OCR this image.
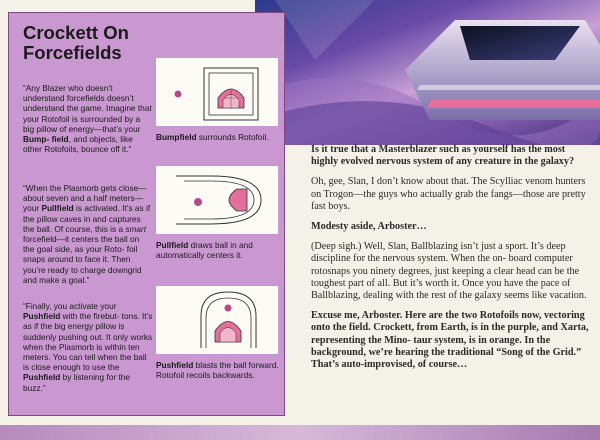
Crockett On Forcefields
“Any Blazer who doesn’t understand forcefields doesn’t understand the game. Imagine that your Rotofoil is surrounded by a big pillow of energy—that’s your Bump- field, and objects, like other Rotofoils, bounce off it.”
“When the Plasmorb gets close—about seven and a half meters—your Pullfield is activated. It’s as if the pillow caves in and captures the ball. Of course, this is a smart forcefield—it centers the ball on the goal side, as your Roto- foil snaps around to face it. Then you’re ready to charge downgrid and make a goal.”
“Finally, you activate your Pushfield with the firebut- tons. It’s as if the big energy pillow is suddenly pushing out. It only works when the Plasmorb is within ten meters. You can tell when the ball is close enough to use the Pushfield by listening for the buzz.”
Bumpfield surrounds Rotofoil.
Pullfield draws ball in and automatically centers it.
Pushfield blasts the ball forward. Rotofoil recoils backwards.

Is it true that a Masterblazer such as yourself has the most highly evolved nervous system of any creature in the galaxy?

Oh, gee, Slan, I don’t know about that. The Scylliac venom hunters on Trogon—the guys who actually grab the fangs—those are pretty fast boys.

Modesty aside, Arboster…

(Deep sigh.) Well, Slan, Ballblazing isn’t just a sport. It’s deep discipline for the nervous system. When the on- board computer rotosnaps you ninety degrees, just keeping a clear head can be the toughest part of all. But it’s worth it. Once you have the pace of Ballblazing, dealing with the rest of the galaxy seems like vacation.

Excuse me, Arboster. Here are the two Rotofoils now, vectoring onto the field. Crockett, from Earth, is in the purple, and Xarta, representing the Mino- taur system, is in orange. In the background, we’re hearing the traditional “Song of the Grid.” That’s auto-improvised, of course…
